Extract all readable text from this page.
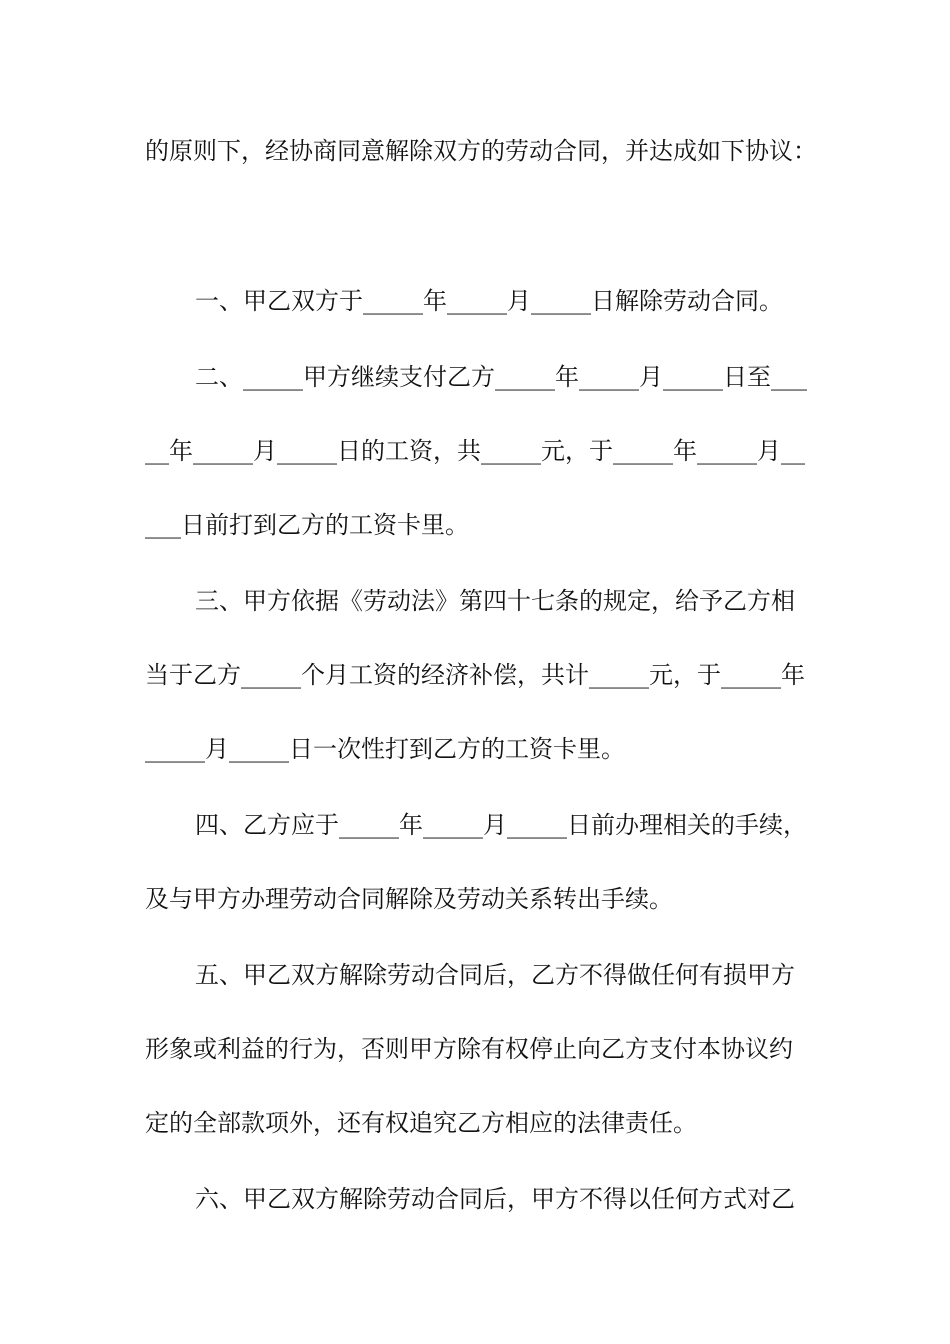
的原则下，经协商同意解除双方的劳动合同，并达成如下协议：
一、甲乙双方于_____年_____月_____日解除劳动合同。
二、_____甲方继续支付乙方_____年_____月_____日至___
__年_____月_____日的工资，共_____元，于_____年_____月__
___日前打到乙方的工资卡里。
三、甲方依据《劳动法》第四十七条的规定，给予乙方相
当于乙方_____个月工资的经济补偿，共计_____元，于_____年
_____月_____日一次性打到乙方的工资卡里。
四、乙方应于_____年_____月_____日前办理相关的手续，
及与甲方办理劳动合同解除及劳动关系转出手续。
五、甲乙双方解除劳动合同后，乙方不得做任何有损甲方
形象或利益的行为，否则甲方除有权停止向乙方支付本协议约
定的全部款项外，还有权追究乙方相应的法律责任。
六、甲乙双方解除劳动合同后，甲方不得以任何方式对乙
